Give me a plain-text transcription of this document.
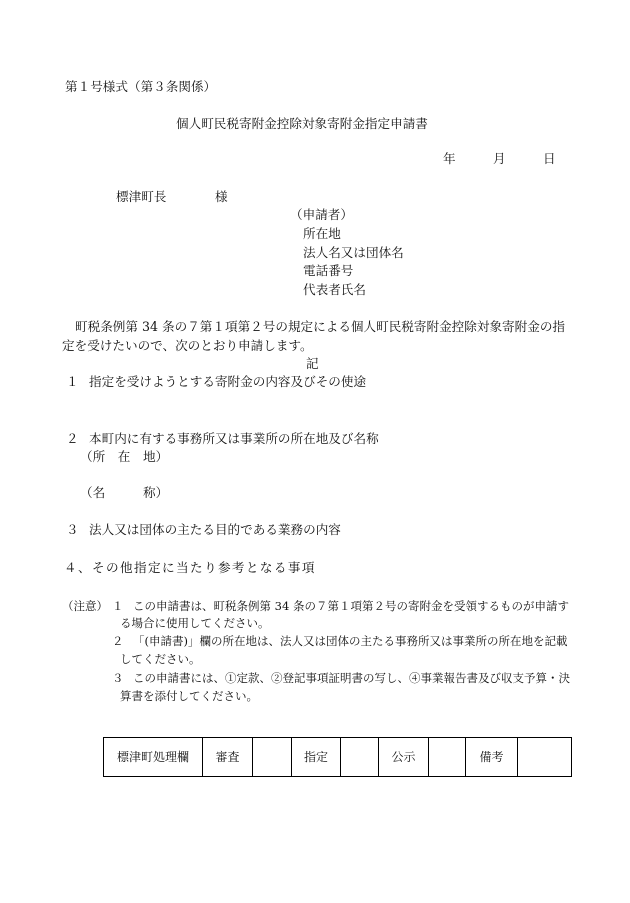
第１号様式（第３条関係）
個人町民税寄附金控除対象寄附金指定申請書
年	月	日
標津町長	様
（申請者）
所在地
法人名又は団体名
電話番号
代表者氏名
町税条例第 34 条の７第１項第２号の規定による個人町民税寄附金控除対象寄附金の指
定を受けたいので、次のとおり申請します。
記
１ 指定を受けようとする寄附金の内容及びその使途
２ 本町内に有する事務所又は事業所の所在地及び名称
（所　在　地）
（名　　　称）
３ 法人又は団体の主たる目的である業務の内容
４、その他指定に当たり参考となる事項
（注意） １ この申請書は、町税条例第 34 条の７第１項第２号の寄附金を受領するものが申請す
る場合に使用してください。
２ 「(申請書)」欄の所在地は、法人又は団体の主たる事務所又は事業所の所在地を記載
してください。
３ この申請書には、①定款、②登記事項証明書の写し、④事業報告書及び収支予算・決
算書を添付してください。
標津町処理欄	審査		指定		公示		備考	
